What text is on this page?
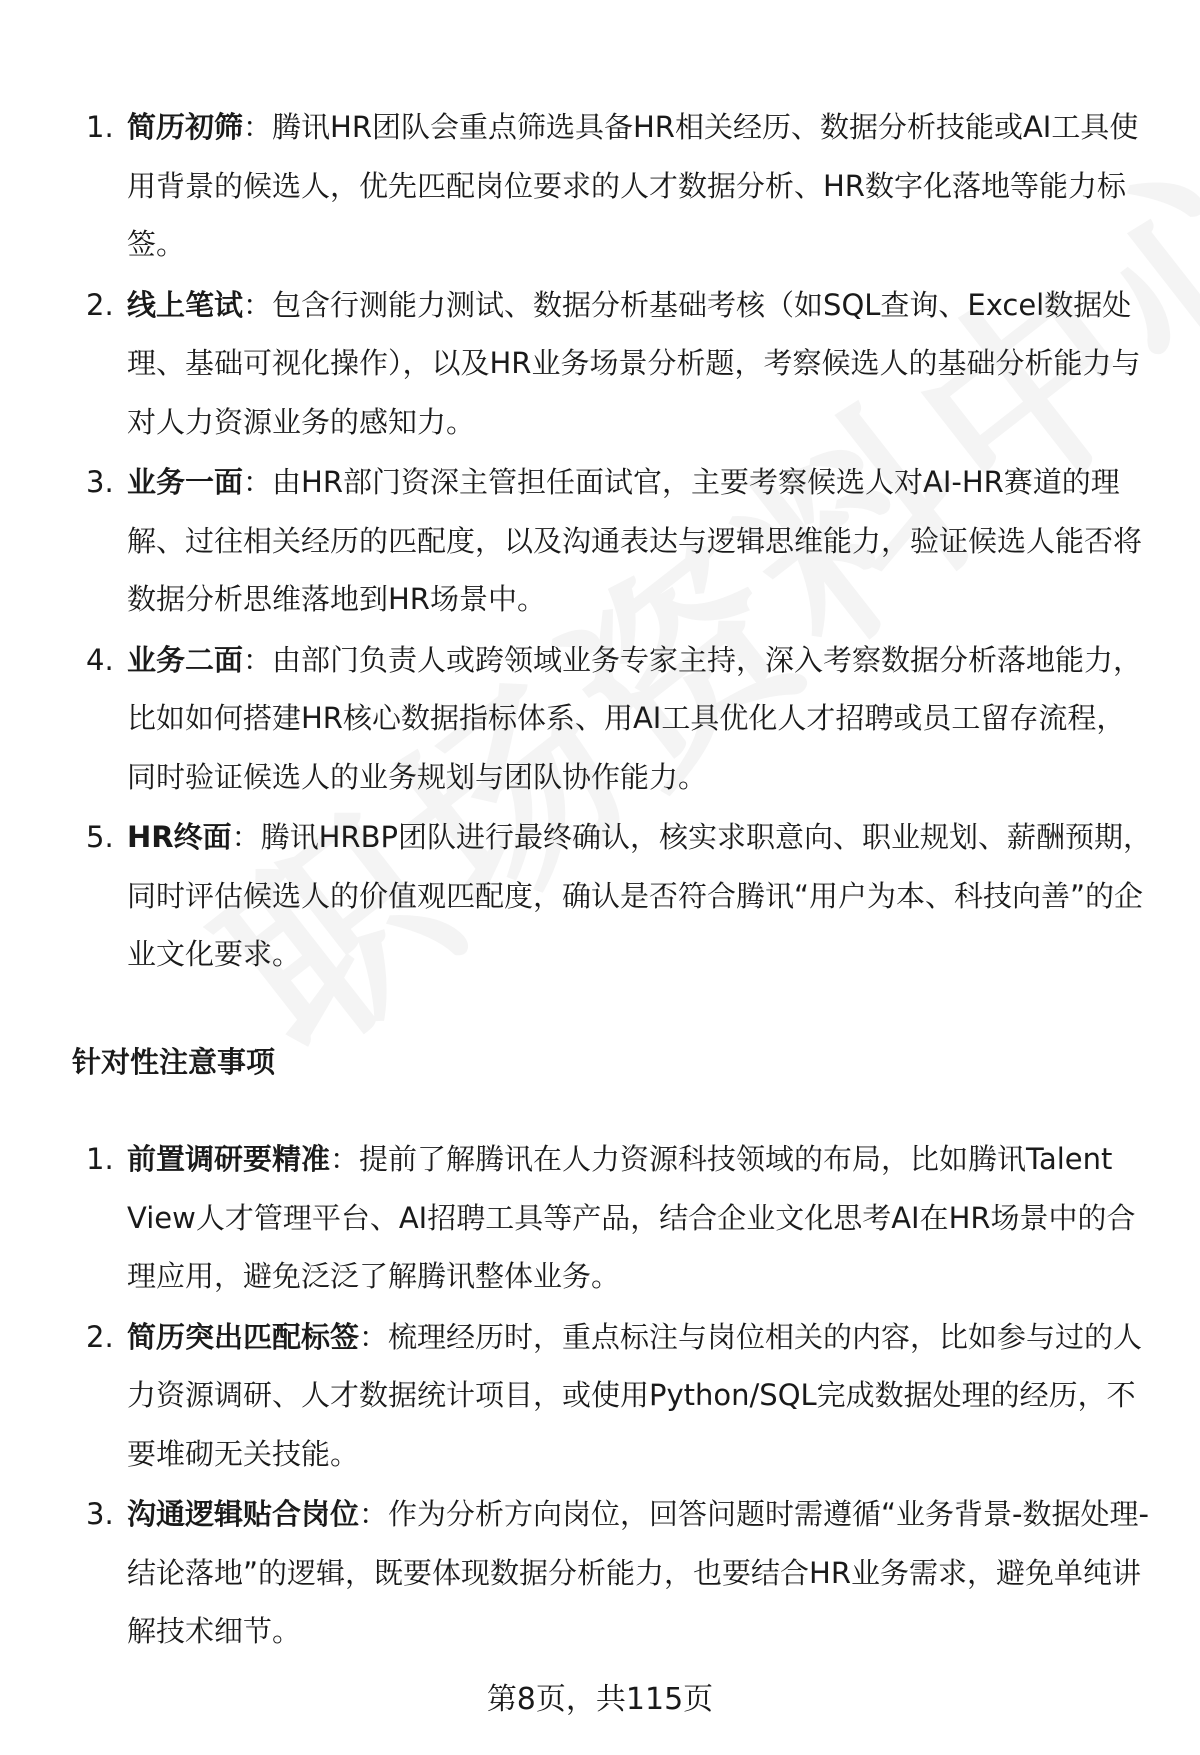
1. 简历初筛：腾讯HR团队会重点筛选具备HR相关经历、数据分析技能或AI工具使用背景的候选人，优先匹配岗位要求的人才数据分析、HR数字化落地等能力标签。
2. 线上笔试：包含行测能力测试、数据分析基础考核（如SQL查询、Excel数据处理、基础可视化操作），以及HR业务场景分析题，考察候选人的基础分析能力与对人力资源业务的感知力。
3. 业务一面：由HR部门资深主管担任面试官，主要考察候选人对AI-HR赛道的理解、过往相关经历的匹配度，以及沟通表达与逻辑思维能力，验证候选人能否将数据分析思维落地到HR场景中。
4. 业务二面：由部门负责人或跨领域业务专家主持，深入考察数据分析落地能力，比如如何搭建HR核心数据指标体系、用AI工具优化人才招聘或员工留存流程，同时验证候选人的业务规划与团队协作能力。
5. HR终面：腾讯HRBP团队进行最终确认，核实求职意向、职业规划、薪酬预期，同时评估候选人的价值观匹配度，确认是否符合腾讯“用户为本、科技向善”的企业文化要求。
针对性注意事项
1. 前置调研要精准：提前了解腾讯在人力资源科技领域的布局，比如腾讯Talent View人才管理平台、AI招聘工具等产品，结合企业文化思考AI在HR场景中的合理应用，避免泛泛了解腾讯整体业务。
2. 简历突出匹配标签：梳理经历时，重点标注与岗位相关的内容，比如参与过的人力资源调研、人才数据统计项目，或使用Python/SQL完成数据处理的经历，不要堆砌无关技能。
3. 沟通逻辑贴合岗位：作为分析方向岗位，回答问题时需遵循“业务背景-数据处理-结论落地”的逻辑，既要体现数据分析能力，也要结合HR业务需求，避免单纯讲解技术细节。
第8页，共115页
